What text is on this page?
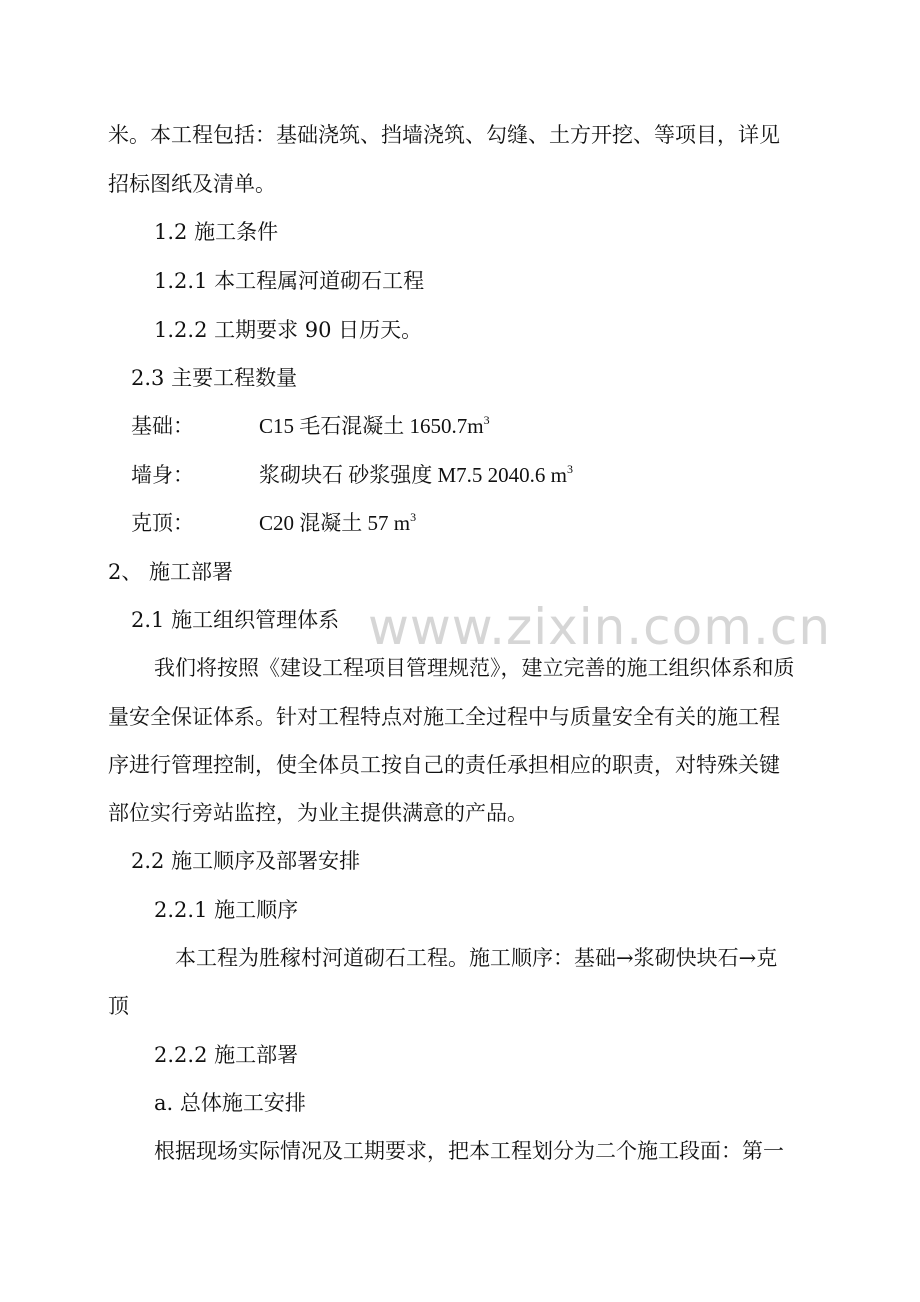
www.zixin.com.cn
米。本工程包括：基础浇筑、挡墙浇筑、勾缝、土方开挖、等项目，详见
招标图纸及清单。
1.2 施工条件
1.2.1 本工程属河道砌石工程
1.2.2 工期要求 90 日历天。
2.3 主要工程数量
基础：	C15 毛石混凝土 $1650.7m^3$
墙身：	浆砌块石 砂浆强度 M7.5 2040.6 $m^3$
克顶：	C20 混凝土 57 $m^3$
2、 施工部署
2.1 施工组织管理体系
我们将按照《建设工程项目管理规范》，建立完善的施工组织体系和质
量安全保证体系。针对工程特点对施工全过程中与质量安全有关的施工程
序进行管理控制，使全体员工按自己的责任承担相应的职责，对特殊关键
部位实行旁站监控，为业主提供满意的产品。
2.2 施工顺序及部署安排
2.2.1 施工顺序
本工程为胜稼村河道砌石工程。施工顺序：基础→浆砌快块石→克
顶
2.2.2 施工部署
a. 总体施工安排
根据现场实际情况及工期要求，把本工程划分为二个施工段面：第一
